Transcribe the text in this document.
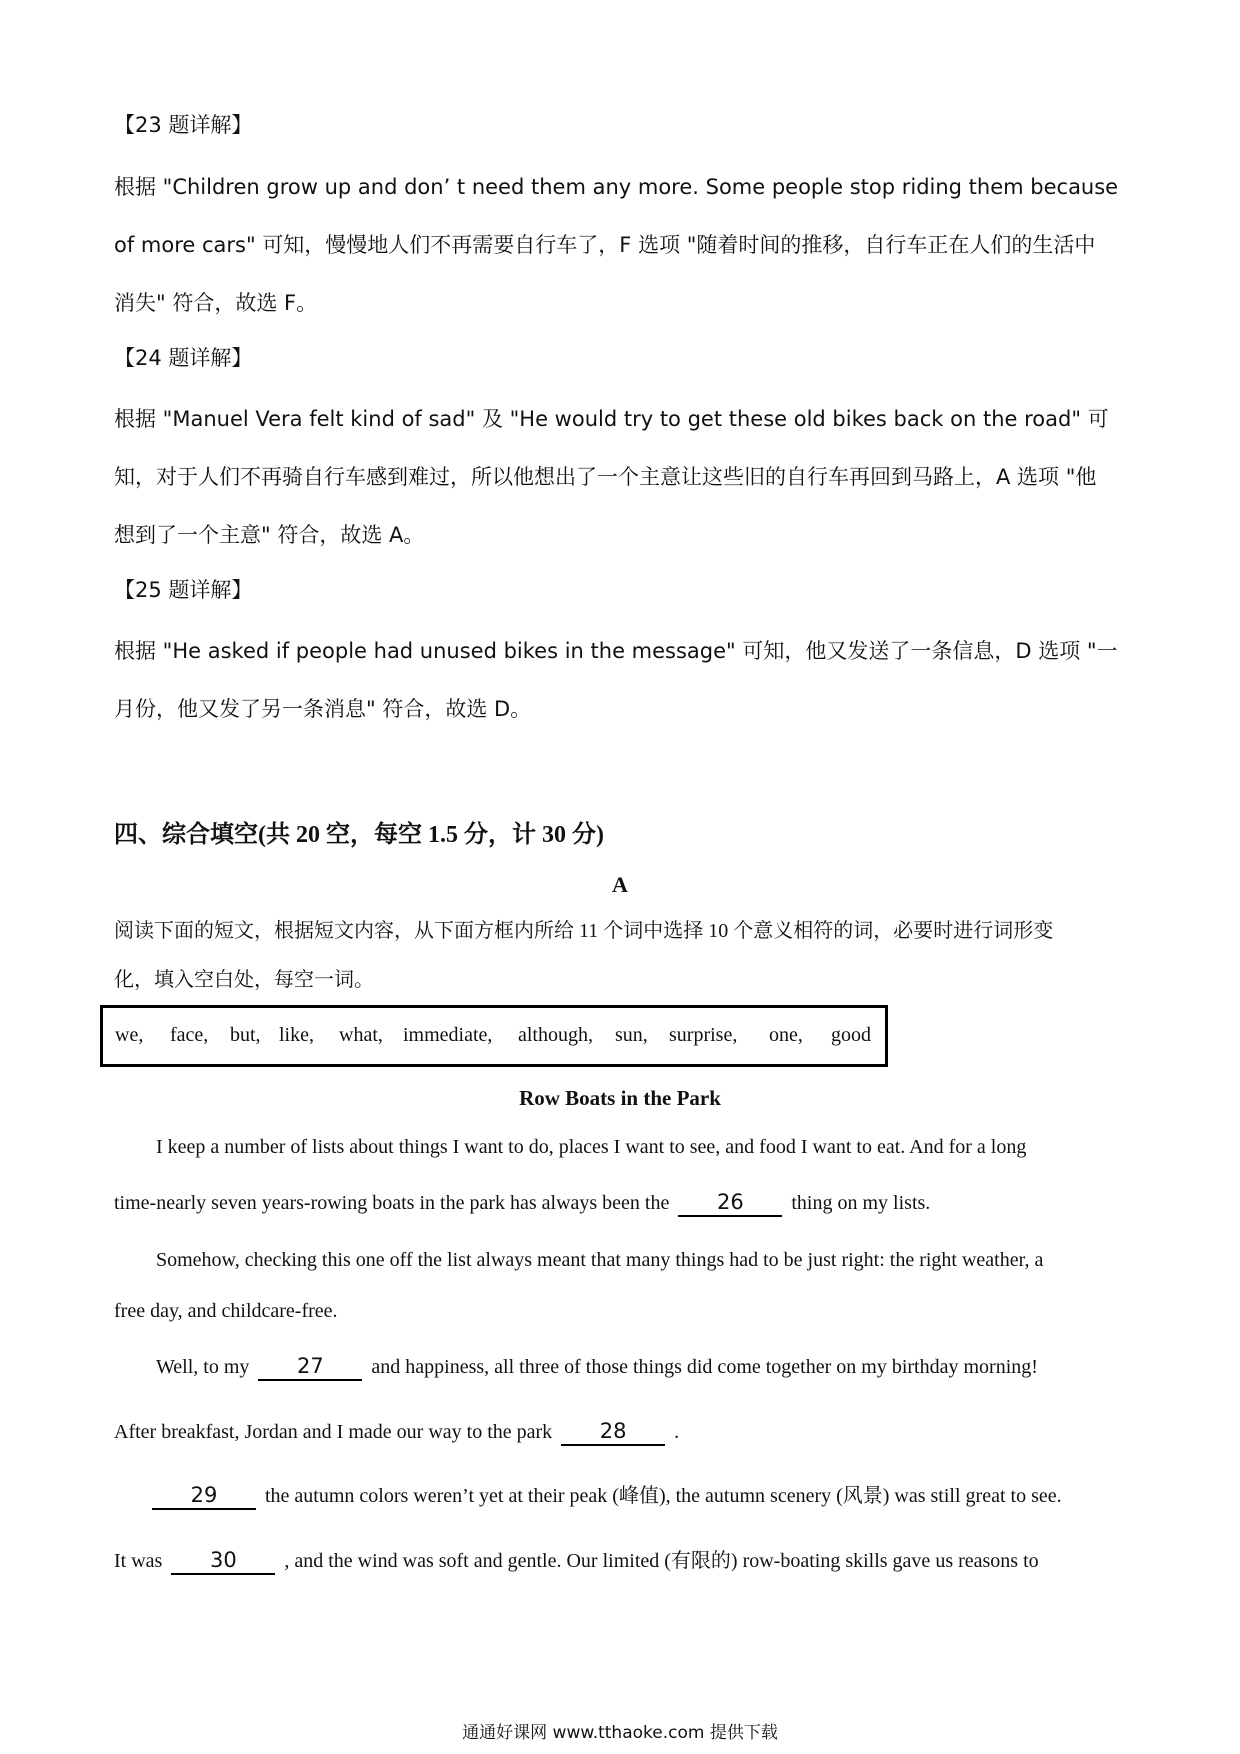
【23 题详解】
根据 "Children grow up and don’ t need them any more. Some people stop riding them because
of more cars" 可知，慢慢地人们不再需要自行车了，F 选项 "随着时间的推移，自行车正在人们的生活中
消失" 符合，故选 F。
【24 题详解】
根据 "Manuel Vera felt kind of sad" 及 "He would try to get these old bikes back on the road" 可
知，对于人们不再骑自行车感到难过，所以他想出了一个主意让这些旧的自行车再回到马路上，A 选项 "他
想到了一个主意" 符合，故选 A。
【25 题详解】
根据 "He asked if people had unused bikes in the message" 可知，他又发送了一条信息，D 选项 "一
月份，他又发了另一条消息" 符合，故选 D。
四、综合填空(共 20 空，每空 1.5 分，计 30 分)
A
阅读下面的短文，根据短文内容，从下面方框内所给 11 个词中选择 10 个意义相符的词，必要时进行词形变
化，填入空白处，每空一词。
we, face, but, like, what, immediate, although, sun, surprise, one, good
Row Boats in the Park
I keep a number of lists about things I want to do, places I want to see, and food I want to eat. And for a long
time-nearly seven years-rowing boats in the park has always been the 26 thing on my lists.
Somehow, checking this one off the list always meant that many things had to be just right: the right weather, a
free day, and childcare-free.
Well, to my 27 and happiness, all three of those things did come together on my birthday morning!
After breakfast, Jordan and I made our way to the park 28 .
29 the autumn colors weren’t yet at their peak (峰值), the autumn scenery (风景) was still great to see.
It was 30 , and the wind was soft and gentle. Our limited (有限的) row-boating skills gave us reasons to
通通好课网 www.tthaoke.com 提供下载
